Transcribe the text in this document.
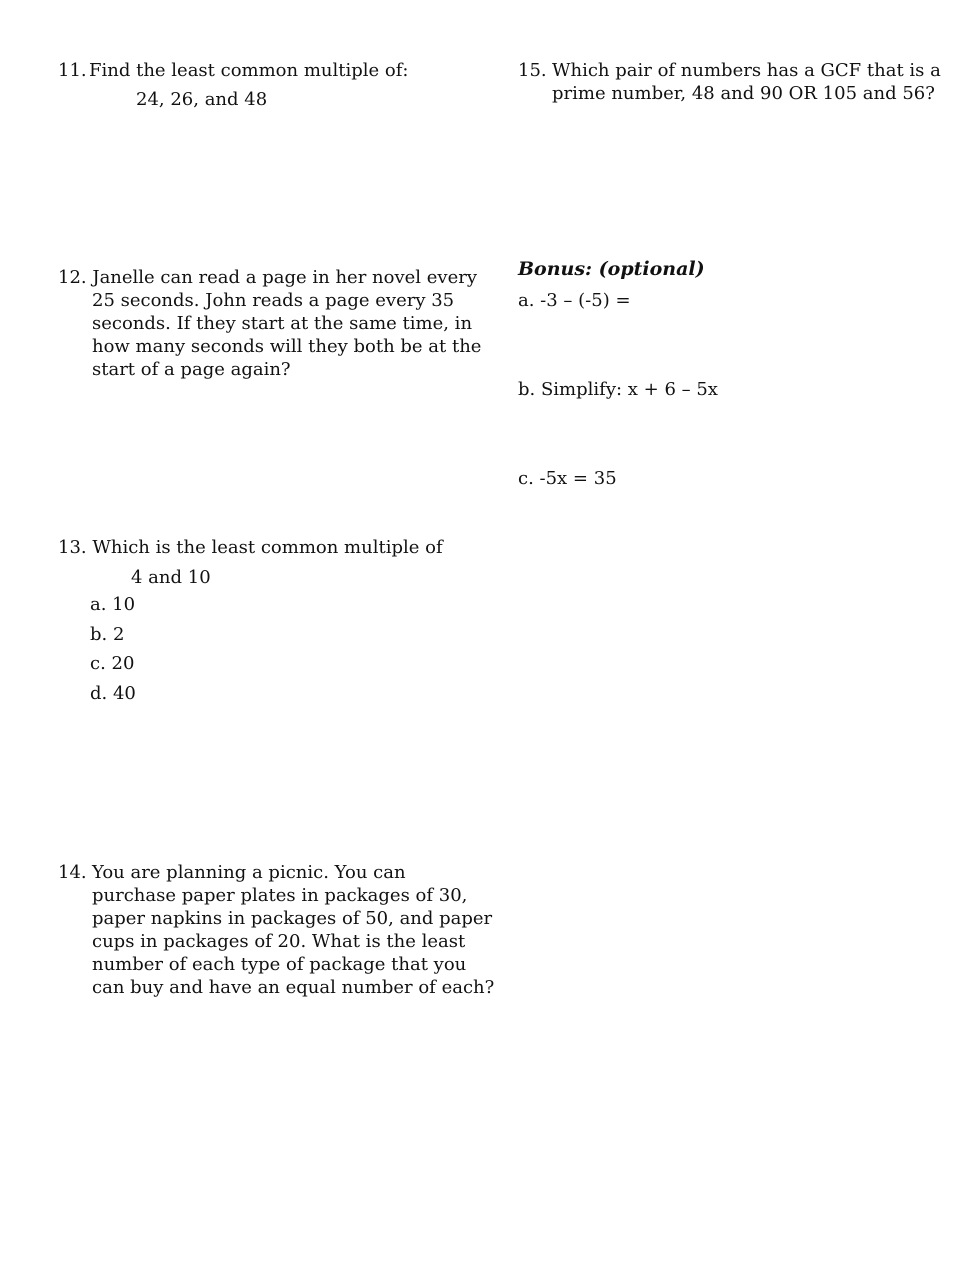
11. Find the least common multiple of:
24, 26, and 48
12. Janelle can read a page in her novel every
25 seconds. John reads a page every 35
seconds. If they start at the same time, in
how many seconds will they both be at the
start of a page again?
13. Which is the least common multiple of
4 and 10
a. 10
b. 2
c. 20
d. 40
14. You are planning a picnic. You can
purchase paper plates in packages of 30,
paper napkins in packages of 50, and paper
cups in packages of 20. What is the least
number of each type of package that you
can buy and have an equal number of each?
15. Which pair of numbers has a GCF that is a
prime number, 48 and 90 OR 105 and 56?
Bonus: (optional)
a. -3 – (-5) =
b. Simplify: x + 6 – 5x
c. -5x = 35
